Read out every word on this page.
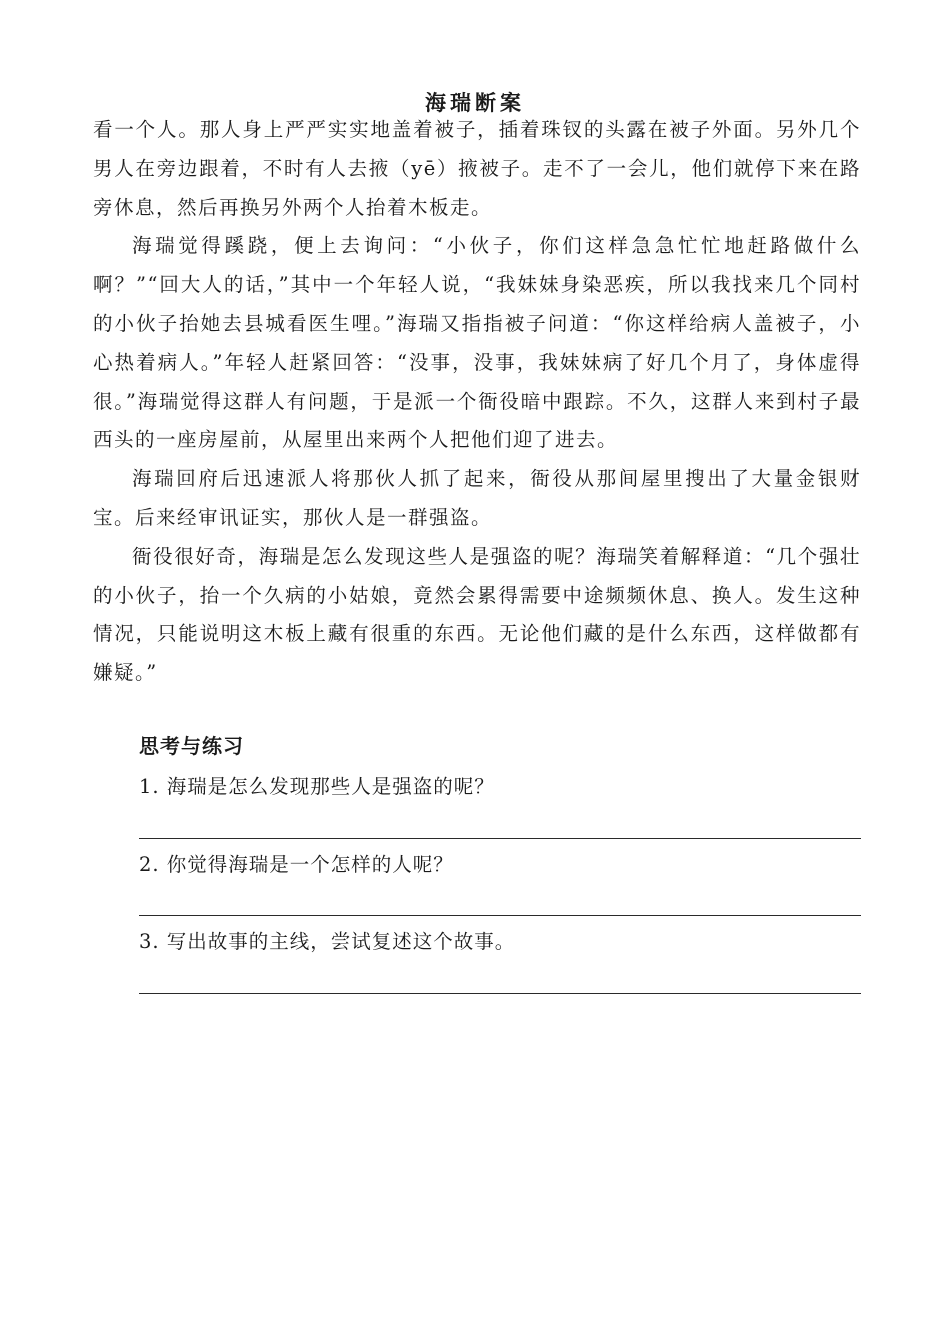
海瑞断案

看一个人。那人身上严严实实地盖着被子，插着珠钗的头露在被子外面。另外几个男人在旁边跟着，不时有人去掖（yē）掖被子。走不了一会儿，他们就停下来在路旁休息，然后再换另外两个人抬着木板走。

海瑞觉得蹊跷，便上去询问：“小伙子，你们这样急急忙忙地赶路做什么啊？”“回大人的话，”其中一个年轻人说，“我妹妹身染恶疾，所以我找来几个同村的小伙子抬她去县城看医生哩。”海瑞又指指被子问道：“你这样给病人盖被子，小心热着病人。”年轻人赶紧回答：“没事，没事，我妹妹病了好几个月了，身体虚得很。”海瑞觉得这群人有问题，于是派一个衙役暗中跟踪。不久，这群人来到村子最西头的一座房屋前，从屋里出来两个人把他们迎了进去。

海瑞回府后迅速派人将那伙人抓了起来，衙役从那间屋里搜出了大量金银财宝。后来经审讯证实，那伙人是一群强盗。

衙役很好奇，海瑞是怎么发现这些人是强盗的呢？海瑞笑着解释道：“几个强壮的小伙子，抬一个久病的小姑娘，竟然会累得需要中途频频休息、换人。发生这种情况，只能说明这木板上藏有很重的东西。无论他们藏的是什么东西，这样做都有嫌疑。”

思考与练习
1. 海瑞是怎么发现那些人是强盗的呢？
2. 你觉得海瑞是一个怎样的人呢？
3. 写出故事的主线，尝试复述这个故事。
